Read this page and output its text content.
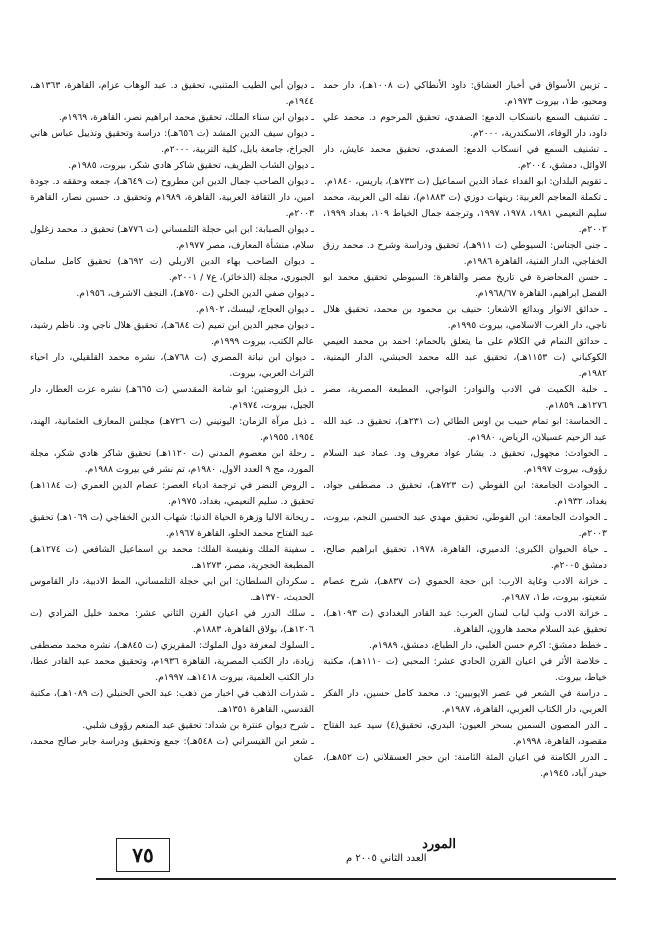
ـ تزيين الأسواق في أخبار العشاق: داود الأنطاكي (ت ١٠٠٨هـ)، دار حمد ومحيو، ط١، بيروت ١٩٧٣م.

ـ تشنيف السمع بانسكاب الدمع: الصفدي، تحقيق المرحوم د. محمد علي داود، دار الوفاء، الاسكندرية، ٢٠٠٠م.

ـ تشنيف السمع في انسكاب الدمع: الصفدي، تحقيق محمد عايش، دار الاوائل، دمشق، ٢٠٠٤م.

ـ تقويم البلدان: ابو الفداء عماد الدين اسماعيل (ت ٧٣٢هـ)، باريس، ١٨٤٠م.

ـ تكملة المعاجم العربية: رينهات دوزي (ت ١٨٨٣م)، نقله الى العربية، محمد سليم النعيمي ١٩٨١، ١٩٧٨، ١٩٩٧، وترجمة جمال الخياط ١٠٩، بغداد ١٩٩٩، ٢٠٠٢م.

ـ جنى الجناس: السيوطي (ت ٩١١هـ)، تحقيق ودراسة وشرح د. محمد رزق الخفاجي، الدار الفنية، القاهرة ١٩٨٦م.

ـ حسن المحاضرة في تاريخ مصر والقاهرة: السيوطي تحقيق محمد ابو الفضل ابراهيم، القاهرة ١٩٦٨/٦٧م.

ـ حدائق الانوار وبدائع الاشعار: حنيف بن محمود بن محمد، تحقيق هلال ناجي، دار الغرب الاسلامي، بيروت ١٩٩٥م.

ـ حدائق النمام في الكلام على ما يتعلق بالحمام: احمد بن محمد العيمي الكوكباني (ت ١١٥٣هـ)، تحقيق عبد الله محمد الحبشي، الدار اليمنية، ١٩٨٢م.

ـ حلبة الكميت في الادب والنوادر: النواجي، المطبعة المصرية، مصر ١٢٧٦هـ، ١٨٥٩م.

ـ الحماسة: ابو تمام حبيب بن اوس الطائي (ت ٢٣١هـ)، تحقيق د. عبد الله عبد الرحيم عسيلان، الرياض، ١٩٨٠م.

ـ الحوادث: مجهول، تحقيق د. بشار عواد معروف ود. عماد عبد السلام رؤوف، بيروت ١٩٩٧م.

ـ الحوادث الجامعة: ابن الفوطي (ت ٧٢٣هـ)، تحقيق د. مصطفى جواد، بغداد، ١٩٣٢م.

ـ الحوادث الجامعة: ابن الفوطي، تحقيق مهدي عبد الحسين النجم، بيروت، ٢٠٠٣م.

ـ حياة الحيوان الكبرى: الدميري، القاهرة، ١٩٧٨، تحقيق ابراهيم صالح، دمشق ٢٠٠٥م.

ـ خزانة الادب وغاية الارب: ابن حجة الحموي (ت ٨٣٧هـ)، شرح عصام شعيتو، بيروت، ط١، ١٩٨٧م.

ـ خزانة الادب ولب لباب لسان العرب: عبد القادر البغدادي (ت ١٠٩٣هـ)، تحقيق عبد السلام محمد هارون، القاهرة.

ـ خطط دمشق: اكرم حسن العلبي، دار الطباع، دمشق، ١٩٨٩م.

ـ خلاصة الأثر في اعيان القرن الحادي عشر: المحبي (ت ١١١٠هـ)، مكتبة خياط، بيروت.

ـ دراسة في الشعر في عصر الايوبيين: د. محمد كامل حسين، دار الفكر العربي، دار الكتاب العربي، القاهرة، ١٩٨٧م.

ـ الدر المصون السمين بسحر العيون: البدري، تحقيق(٤) سيد عبد الفتاح مقصود، القاهرة، ١٩٩٨م.

ـ الدرر الكامنة في اعيان المئة الثامنة: ابن حجر العسقلاني (ت ٨٥٢هـ)، حيدر آباد، ١٩٤٥م.

ـ ديوان أبي الطيب المتنبي، تحقيق د. عبد الوهاب عزام، القاهرة، ١٣٦٣هـ، ١٩٤٤م.

ـ ديوان ابن سناء الملك، تحقيق محمد ابراهيم نصر، القاهرة، ١٩٦٩م.

ـ ديوان سيف الدين المشد (ت ٦٥٦هـ): دراسة وتحقيق وتذييل عباس هاني الجراخ، جامعة بابل، كلية التربية، ٢٠٠٠م.

ـ ديوان الشاب الظريف، تحقيق شاكر هادي شكر، بيروت، ١٩٨٥م.

ـ ديوان الصاحب جمال الدين ابن مطروح (ت ٦٤٩هـ)، جمعه وحققه د. جودة امين، دار الثقافة العربية، القاهرة، ١٩٨٩م وتحقيق د. حسين نصار، القاهرة ٢٠٠٣م.

ـ ديوان الصبابة: ابن ابي حجلة التلمساني (ت ٧٧٦هـ) تحقيق د. محمد زغلول سلام، منشأة المعارف، مصر ١٩٧٧م.

ـ ديوان الصاحب بهاء الدين الاربلي (ت ٦٩٢هـ) تحقيق كامل سلمان الجبوري، مجلة (الذخائر)، ع٧ / ٢٠٠١م.

ـ ديوان صفي الدين الحلي (ت ٧٥٠هـ)، النجف الاشرف، ١٩٥٦م.

ـ ديوان العجاج، ليبسك، ١٩٠٢م.

ـ ديوان مجير الدين ابن تميم (ت ٦٨٤هـ)، تحقيق هلال ناجي ود. ناظم رشيد، عالم الكتب، بيروت ١٩٩٩م.

ـ ديوان ابن نباتة المصري (ت ٧٦٨هـ)، نشره محمد القلقيلي، دار احياء التراث العربي، بيروت.

ـ ذيل الروضتين: ابو شامة المقدسي (ت ٦٦٥هـ) نشره عزت العطار، دار الجيل، بيروت، ١٩٧٤م.

ـ ذيل مرآة الزمان: اليونيني (ت ٧٢٦هـ) مجلس المعارف العثمانية، الهند، ١٩٥٤، ١٩٥٥م.

ـ رحلة ابن معصوم المدني (ت ١١٢٠هـ) تحقيق شاكر هادي شكر، مجلة المورد، مج ٩ العدد الاول، ١٩٨٠م، تم نشر في بيروت ١٩٨٨م.

ـ الروض النضر في ترجمة ادباء العصر: عصام الدين العمري (ت ١١٨٤هـ) تحقيق د. سليم النعيمي، بغداد، ١٩٧٥م.

ـ ريحانة الالبا وزهرة الحياة الدنيا: شهاب الدين الخفاجي (ت ١٠٦٩هـ) تحقيق عبد الفتاح محمد الحلو، القاهرة ١٩٦٧م.

ـ سفينة الملك ونفيسة الفلك: محمد بن اسماعيل الشافعي (ت ١٢٧٤هـ) المطبعة الحجرية، مصر، ١٢٧٣هـ.

ـ سكردان السلطان: ابن ابي حجلة التلمساني، المط الادبية، دار القاموس الحديث، ١٣٧٠هـ.

ـ سلك الدرر في اعيان القرن الثاني عشر: محمد خليل المرادي (ت ١٢٠٦هـ)، بولاق القاهرة، ١٨٨٣م.

ـ السلوك لمعرفة دول الملوك: المقريزي (ت ٨٤٥هـ)، نشره محمد مصطفى زيادة، دار الكتب المصرية، القاهرة ١٩٣٦م، وتحقيق محمد عبد القادر عطا، دار الكتب العلمية، بيروت ١٤١٨هـ، ١٩٩٧م.

ـ شذرات الذهب في اخبار من ذهب: عبد الحي الحنبلي (ت ١٠٨٩هـ)، مكتبة القدسي، القاهرة ١٣٥١هـ.

ـ شرح ديوان عنترة بن شداد: تحقيق عبد المنعم رؤوف شلبي.

ـ شعر ابن القيسراني (ت ٥٤٨هـ): جمع وتحقيق ودراسة جابر صالح محمد، عمان

٧٥	المورد
العدد الثاني ٢٠٠٥ م
